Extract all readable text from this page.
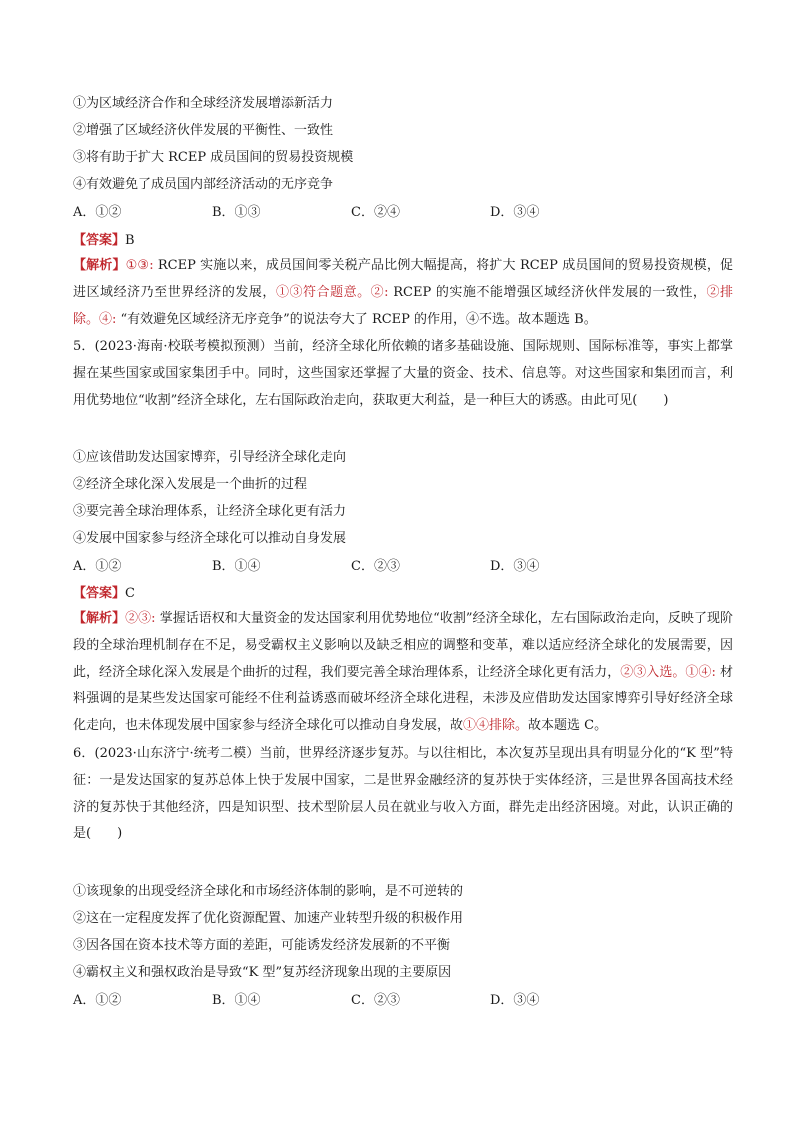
①为区域经济合作和全球经济发展增添新活力
②增强了区域经济伙伴发展的平衡性、一致性
③将有助于扩大 RCEP 成员国间的贸易投资规模
④有效避免了成员国内部经济活动的无序竞争
A．①②	B．①③	C．②④	D．③④
【答案】B
【解析】①③: RCEP 实施以来，成员国间零关税产品比例大幅提高，将扩大 RCEP 成员国间的贸易投资规模，促进区域经济乃至世界经济的发展，①③符合题意。②: RCEP 的实施不能增强区域经济伙伴发展的一致性，②排除。④: “有效避免区域经济无序竞争”的说法夸大了 RCEP 的作用，④不选。故本题选 B。
5．(2023·海南·校联考模拟预测）当前，经济全球化所依赖的诸多基础设施、国际规则、国际标准等，事实上都掌握在某些国家或国家集团手中。同时，这些国家还掌握了大量的资金、技术、信息等。对这些国家和集团而言，利用优势地位“收割”经济全球化，左右国际政治走向，获取更大利益，是一种巨大的诱惑。由此可见(　　)
①应该借助发达国家博弈，引导经济全球化走向
②经济全球化深入发展是一个曲折的过程
③要完善全球治理体系，让经济全球化更有活力
④发展中国家参与经济全球化可以推动自身发展
A．①②	B．①④	C．②③	D．③④
【答案】C
【解析】②③: 掌握话语权和大量资金的发达国家利用优势地位“收割”经济全球化，左右国际政治走向，反映了现阶段的全球治理机制存在不足，易受霸权主义影响以及缺乏相应的调整和变革，难以适应经济全球化的发展需要，因此，经济全球化深入发展是个曲折的过程，我们要完善全球治理体系，让经济全球化更有活力，②③入选。①④: 材料强调的是某些发达国家可能经不住利益诱惑而破坏经济全球化进程，未涉及应借助发达国家博弈引导好经济全球化走向，也未体现发展中国家参与经济全球化可以推动自身发展，故①④排除。故本题选 C。
6．(2023·山东济宁·统考二模）当前，世界经济逐步复苏。与以往相比，本次复苏呈现出具有明显分化的“K 型”特征：一是发达国家的复苏总体上快于发展中国家，二是世界金融经济的复苏快于实体经济，三是世界各国高技术经济的复苏快于其他经济，四是知识型、技术型阶层人员在就业与收入方面，群先走出经济困境。对此，认识正确的是(　　)
①该现象的出现受经济全球化和市场经济体制的影响，是不可逆转的
②这在一定程度发挥了优化资源配置、加速产业转型升级的积极作用
③因各国在资本技术等方面的差距，可能诱发经济发展新的不平衡
④霸权主义和强权政治是导致“K 型”复苏经济现象出现的主要原因
A．①②	B．①④	C．②③	D．③④
